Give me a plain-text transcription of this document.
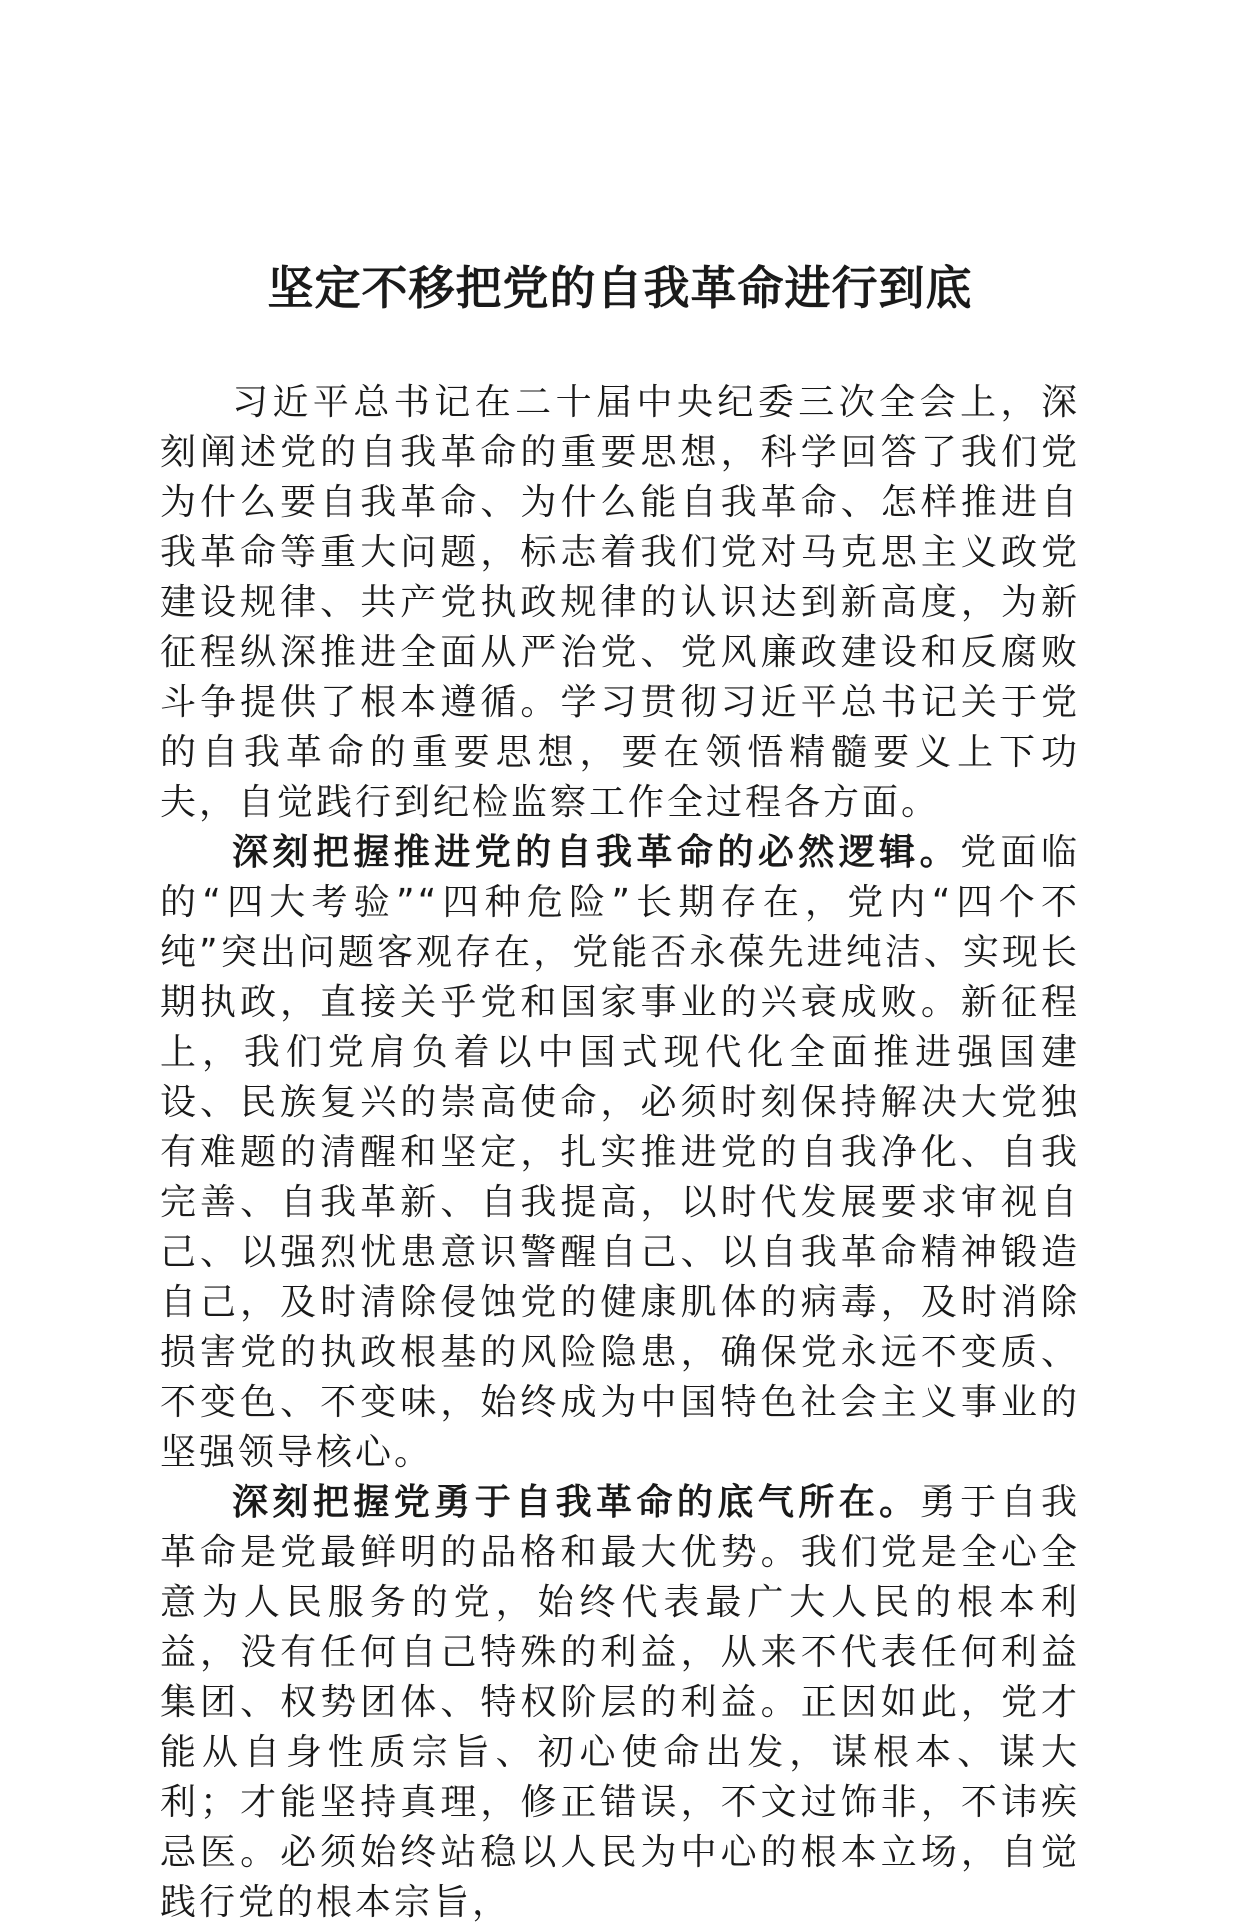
坚定不移把党的自我革命进行到底

习近平总书记在二十届中央纪委三次全会上，深刻阐述党的自我革命的重要思想，科学回答了我们党为什么要自我革命、为什么能自我革命、怎样推进自我革命等重大问题，标志着我们党对马克思主义政党建设规律、共产党执政规律的认识达到新高度，为新征程纵深推进全面从严治党、党风廉政建设和反腐败斗争提供了根本遵循。学习贯彻习近平总书记关于党的自我革命的重要思想，要在领悟精髓要义上下功夫，自觉践行到纪检监察工作全过程各方面。

深刻把握推进党的自我革命的必然逻辑。党面临的“四大考验”“四种危险”长期存在，党内“四个不纯”突出问题客观存在，党能否永葆先进纯洁、实现长期执政，直接关乎党和国家事业的兴衰成败。新征程上，我们党肩负着以中国式现代化全面推进强国建设、民族复兴的崇高使命，必须时刻保持解决大党独有难题的清醒和坚定，扎实推进党的自我净化、自我完善、自我革新、自我提高，以时代发展要求审视自己、以强烈忧患意识警醒自己、以自我革命精神锻造自己，及时清除侵蚀党的健康肌体的病毒，及时消除损害党的执政根基的风险隐患，确保党永远不变质、不变色、不变味，始终成为中国特色社会主义事业的坚强领导核心。

深刻把握党勇于自我革命的底气所在。勇于自我革命是党最鲜明的品格和最大优势。我们党是全心全意为人民服务的党，始终代表最广大人民的根本利益，没有任何自己特殊的利益，从来不代表任何利益集团、权势团体、特权阶层的利益。正因如此，党才能从自身性质宗旨、初心使命出发，谋根本、谋大利；才能坚持真理，修正错误，不文过饰非，不讳疾忌医。必须始终站稳以人民为中心的根本立场，自觉践行党的根本宗旨，
